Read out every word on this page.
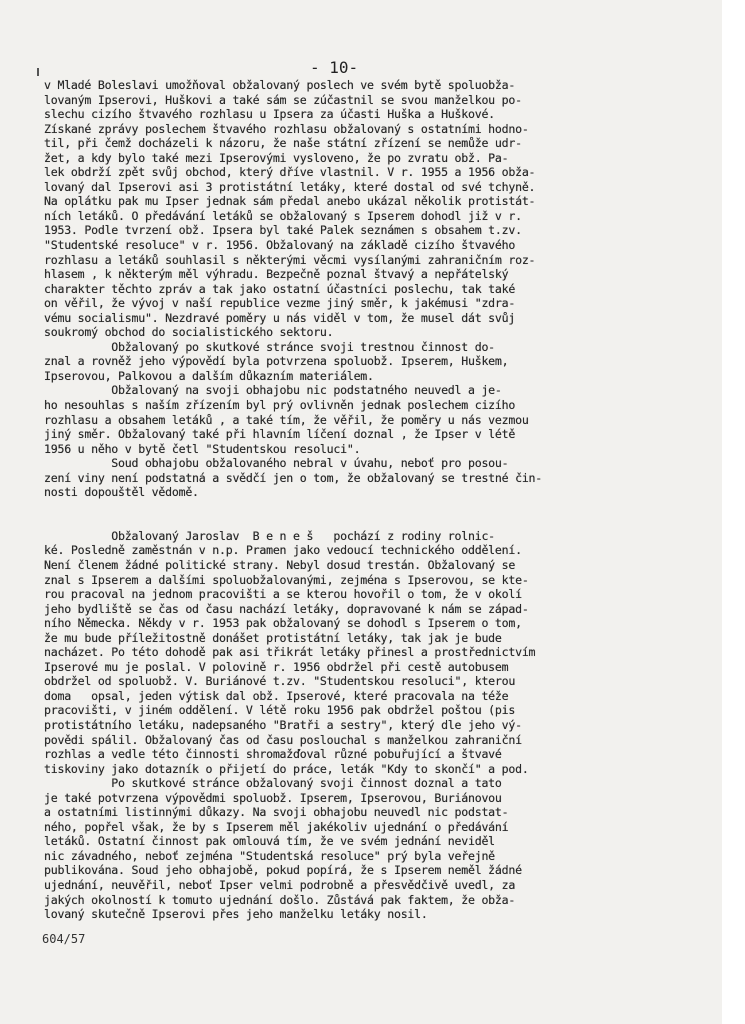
- 10-
v Mladé Boleslavi umožňoval obžalovaný poslech ve svém bytě spoluobža-
lovaným Ipserovi, Huškovi a také sám se zúčastnil se svou manželkou po-
slechu cizího štvavého rozhlasu u Ipsera za účasti Huška a Huškové.
Získané zprávy poslechem štvavého rozhlasu obžalovaný s ostatními hodno-
til, při čemž docházeli k názoru, že naše státní zřízení se nemůže udr-
žet, a kdy bylo také mezi Ipserovými vysloveno, že po zvratu obž. Pa-
lek obdrží zpět svůj obchod, který dříve vlastnil. V r. 1955 a 1956 obža-
lovaný dal Ipserovi asi 3 protistátní letáky, které dostal od své tchyně.
Na oplátku pak mu Ipser jednak sám předal anebo ukázal několik protistát-
ních letáků. O předávání letáků se obžalovaný s Ipserem dohodl již v r.
1953. Podle tvrzení obž. Ipsera byl také Palek seznámen s obsahem t.zv.
"Studentské resoluce" v r. 1956. Obžalovaný na základě cizího štvavého
rozhlasu a letáků souhlasil s některými věcmi vysílanými zahraničním roz-
hlasem , k některým měl výhradu. Bezpečně poznal štvavý a nepřátelský
charakter těchto zpráv a tak jako ostatní účastníci poslechu, tak také
on věřil, že vývoj v naší republice vezme jiný směr, k jakémusi "zdra-
vému socialismu". Nezdravé poměry u nás viděl v tom, že musel dát svůj
soukromý obchod do socialistického sektoru.
Obžalovaný po skutkové stránce svoji trestnou činnost do-
znal a rovněž jeho výpovědí byla potvrzena spoluobž. Ipserem, Huškem,
Ipserovou, Palkovou a dalším důkazním materiálem.
Obžalovaný na svoji obhajobu nic podstatného neuvedl a je-
ho nesouhlas s naším zřízením byl prý ovlivněn jednak poslechem cizího
rozhlasu a obsahem letáků , a také tím, že věřil, že poměry u nás vezmou
jiný směr. Obžalovaný také při hlavním líčení doznal , že Ipser v létě
1956 u něho v bytě četl "Studentskou resoluci".
Soud obhajobu obžalovaného nebral v úvahu, neboť pro posou-
zení viny není podstatná a svědčí jen o tom, že obžalovaný se trestné čin-
nosti dopouštěl vědomě.
Obžalovaný Jaroslav  B e n e š   pochází z rodiny rolnic-
ké. Posledně zaměstnán v n.p. Pramen jako vedoucí technického oddělení.
Není členem žádné politické strany. Nebyl dosud trestán. Obžalovaný se
znal s Ipserem a dalšími spoluobžalovanými, zejména s Ipserovou, se kte-
rou pracoval na jednom pracovišti a se kterou hovořil o tom, že v okolí
jeho bydliště se čas od času nachází letáky, dopravované k nám se západ-
ního Německa. Někdy v r. 1953 pak obžalovaný se dohodl s Ipserem o tom,
že mu bude příležitostně donášet protistátní letáky, tak jak je bude
nacházet. Po této dohodě pak asi třikrát letáky přinesl a prostřednictvím
Ipserové mu je poslal. V polovině r. 1956 obdržel při cestě autobusem
obdržel od spoluobž. V. Buriánové t.zv. "Studentskou resoluci", kterou
doma   opsal, jeden výtisk dal obž. Ipserové, které pracovala na téže
pracovišti, v jiném oddělení. V létě roku 1956 pak obdržel poštou (pis
protistátního letáku, nadepsaného "Bratři a sestry", který dle jeho vý-
povědi spálil. Obžalovaný čas od času poslouchal s manželkou zahraniční
rozhlas a vedle této činnosti shromažďoval různé pobuřující a štvavé
tiskoviny jako dotazník o přijetí do práce, leták "Kdy to skončí" a pod.
Po skutkové stránce obžalovaný svoji činnost doznal a tato
je také potvrzena výpovědmi spoluobž. Ipserem, Ipserovou, Buriánovou
a ostatními listinnými důkazy. Na svoji obhajobu neuvedl nic podstat-
ného, popřel však, že by s Ipserem měl jakékoliv ujednání o předávání
letáků. Ostatní činnost pak omlouvá tím, že ve svém jednání neviděl
nic závadného, neboť zejména "Studentská resoluce" prý byla veřejně
publikována. Soud jeho obhajobě, pokud popírá, že s Ipserem neměl žádné
ujednání, neuvěřil, neboť Ipser velmi podrobně a přesvědčivě uvedl, za
jakých okolností k tomuto ujednání došlo. Zůstává pak faktem, že obža-
lovaný skutečně Ipserovi přes jeho manželku letáky nosil.
604/57
